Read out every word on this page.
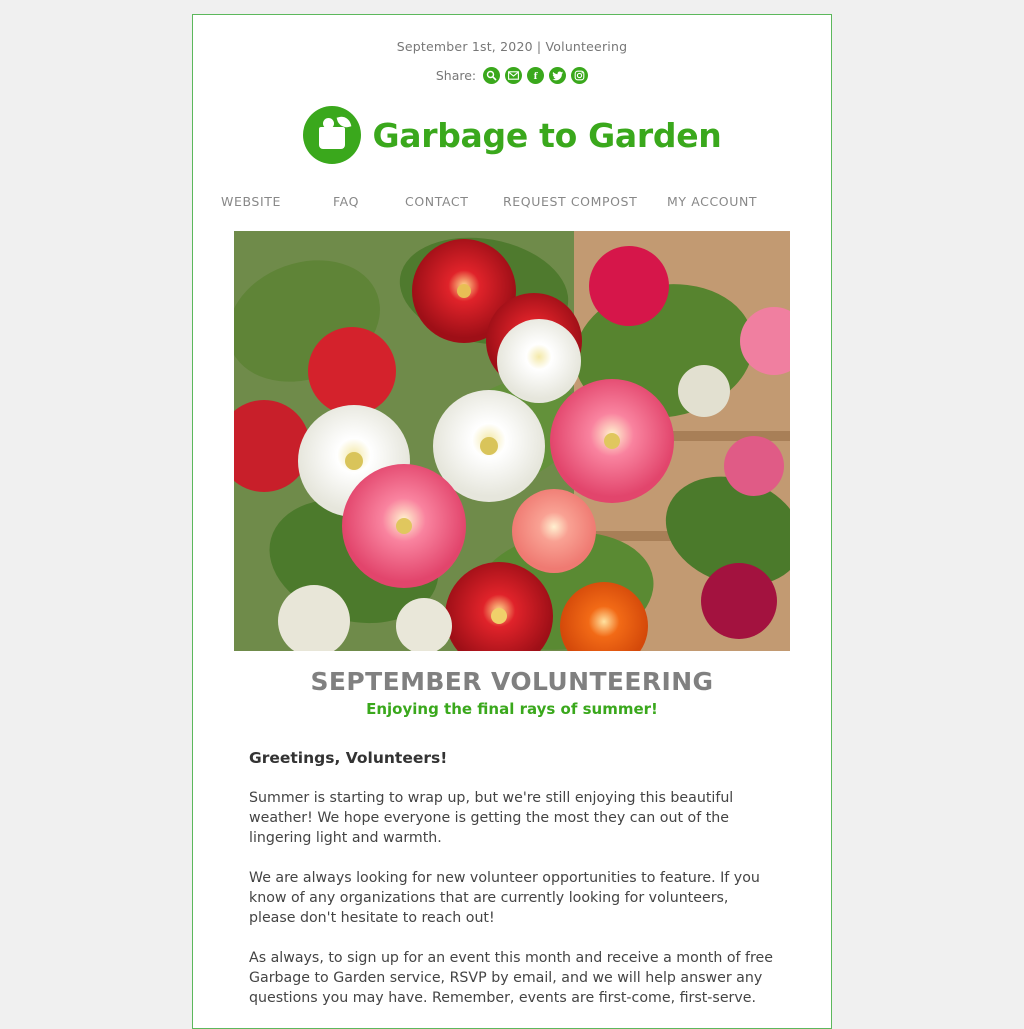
September 1st, 2020 | Volunteering
Share:	f
Garbage to Garden
WEBSITE	FAQ	CONTACT	REQUEST COMPOST	MY ACCOUNT
SEPTEMBER VOLUNTEERING
Enjoying the final rays of summer!
Greetings, Volunteers!

Summer is starting to wrap up, but we're still enjoying this beautiful weather! We hope everyone is getting the most they can out of the lingering light and warmth.

We are always looking for new volunteer opportunities to feature. If you know of any organizations that are currently looking for volunteers, please don't hesitate to reach out!

As always, to sign up for an event this month and receive a month of free Garbage to Garden service, RSVP by email, and we will help answer any questions you may have. Remember, events are first-come, first-serve.
